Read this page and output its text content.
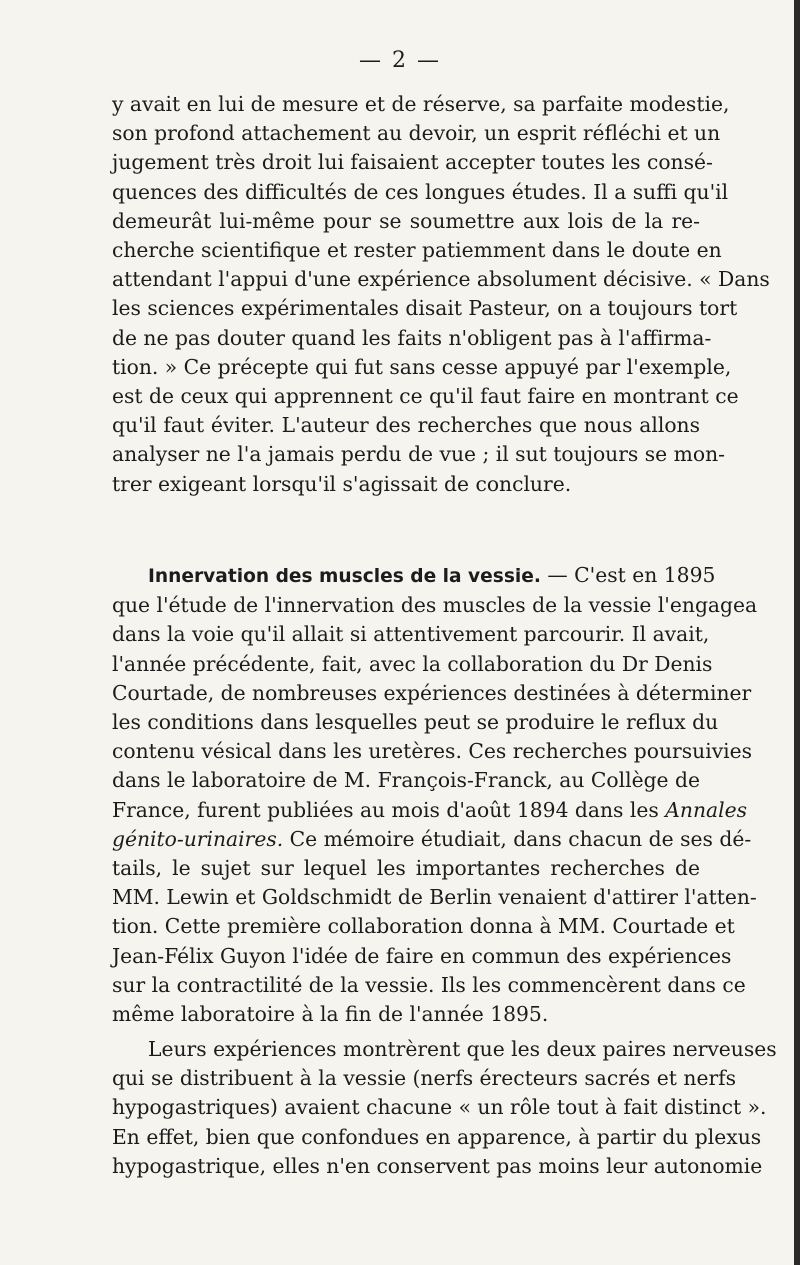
— 2 —
y avait en lui de mesure et de réserve, sa parfaite modestie,
son profond attachement au devoir, un esprit réfléchi et un
jugement très droit lui faisaient accepter toutes les consé-
quences des difficultés de ces longues études. Il a suffi qu'il
demeurât lui-même pour se soumettre aux lois de la re-
cherche scientifique et rester patiemment dans le doute en
attendant l'appui d'une expérience absolument décisive. « Dans
les sciences expérimentales disait Pasteur, on a toujours tort
de ne pas douter quand les faits n'obligent pas à l'affirma-
tion. » Ce précepte qui fut sans cesse appuyé par l'exemple,
est de ceux qui apprennent ce qu'il faut faire en montrant ce
qu'il faut éviter. L'auteur des recherches que nous allons
analyser ne l'a jamais perdu de vue ; il sut toujours se mon-
trer exigeant lorsqu'il s'agissait de conclure.
Innervation des muscles de la vessie. — C'est en 1895
que l'étude de l'innervation des muscles de la vessie l'engagea
dans la voie qu'il allait si attentivement parcourir. Il avait,
l'année précédente, fait, avec la collaboration du Dr Denis
Courtade, de nombreuses expériences destinées à déterminer
les conditions dans lesquelles peut se produire le reflux du
contenu vésical dans les uretères. Ces recherches poursuivies
dans le laboratoire de M. François-Franck, au Collège de
France, furent publiées au mois d'août 1894 dans les Annales
génito-urinaires. Ce mémoire étudiait, dans chacun de ses dé-
tails, le sujet sur lequel les importantes recherches de
MM. Lewin et Goldschmidt de Berlin venaient d'attirer l'atten-
tion. Cette première collaboration donna à MM. Courtade et
Jean-Félix Guyon l'idée de faire en commun des expériences
sur la contractilité de la vessie. Ils les commencèrent dans ce
même laboratoire à la fin de l'année 1895.
Leurs expériences montrèrent que les deux paires nerveuses
qui se distribuent à la vessie (nerfs érecteurs sacrés et nerfs
hypogastriques) avaient chacune « un rôle tout à fait distinct ».
En effet, bien que confondues en apparence, à partir du plexus
hypogastrique, elles n'en conservent pas moins leur autonomie
